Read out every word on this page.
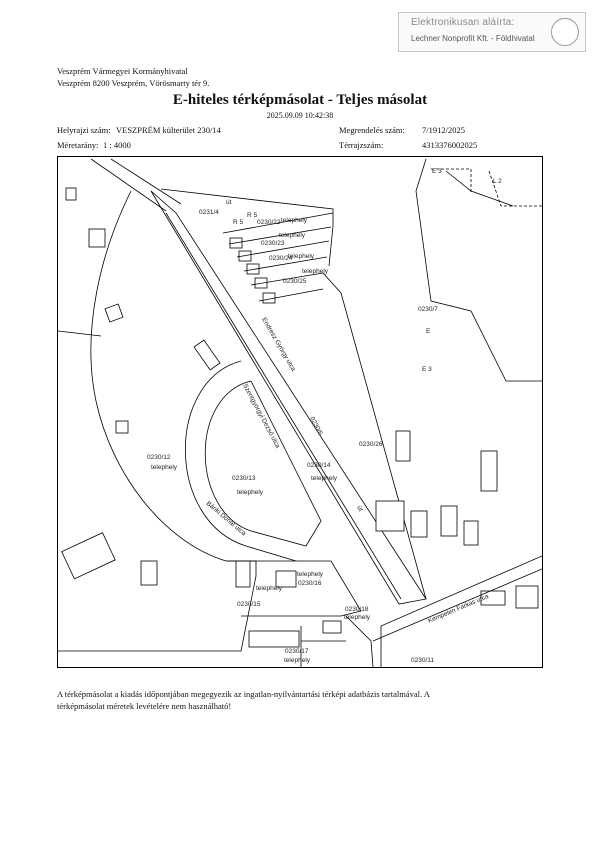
Elektronikusan aláírta:
Lechner Nonprofit Kft. - Földhivatal
Veszprém Vármegyei Kormányhivatal
Veszprém 8200 Veszprém, Vörösmarty tér 9.
E-hiteles térképmásolat - Teljes másolat
2025.09.09 10:42:38
Helyrajzi szám: VESZPRÉM külterület 230/14	Megrendelés szám: 7/1912/2025
Méretarány: 1 : 4000	Térrajzszám:	4313376002025
0231/4
út
R 5
R 5
E 3
L 2
0230/22
0230/23
0230/24
0230/25
telephely
telephely
telephely
telephely
0230/7
E
E 3
Endresz György utca
Szentgyörgyi Dezső utca	0230/6
0230/26
0230/12
telephely
0230/13
telephely
0230/14
telephely
út
Bánki Donát utca
telephely
0230/16
telephely
0230/15
0230/18
telephely	Kempelen Farkas utca
0230/17
telephely	0230/11
A térképmásolat a kiadás időpontjában megegyezik az ingatlan-nyilvántartási térképi adatbázis tartalmával. A térképmásolat méretek levételére nem használható!
